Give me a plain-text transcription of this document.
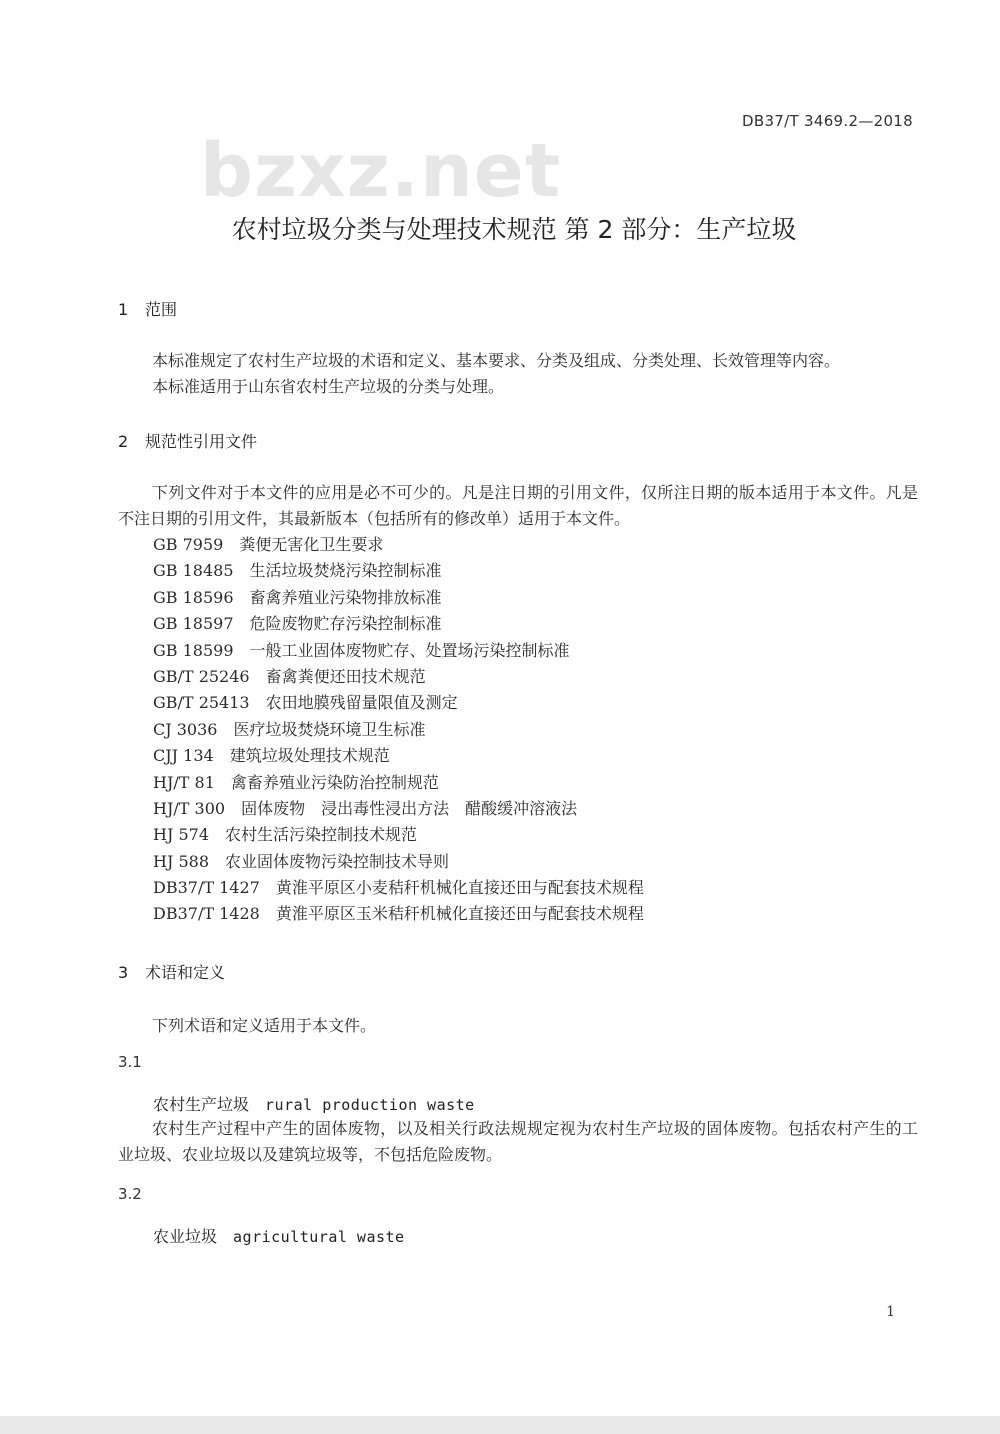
DB37/T 3469.2—2018
bzxz.net
农村垃圾分类与处理技术规范 第 2 部分：生产垃圾
1 范围
本标准规定了农村生产垃圾的术语和定义、基本要求、分类及组成、分类处理、长效管理等内容。
本标准适用于山东省农村生产垃圾的分类与处理。
2 规范性引用文件
下列文件对于本文件的应用是必不可少的。凡是注日期的引用文件，仅所注日期的版本适用于本文件。凡是不注日期的引用文件，其最新版本（包括所有的修改单）适用于本文件。
GB 7959 粪便无害化卫生要求
GB 18485 生活垃圾焚烧污染控制标准
GB 18596 畜禽养殖业污染物排放标准
GB 18597 危险废物贮存污染控制标准
GB 18599 一般工业固体废物贮存、处置场污染控制标准
GB/T 25246 畜禽粪便还田技术规范
GB/T 25413 农田地膜残留量限值及测定
CJ 3036 医疗垃圾焚烧环境卫生标准
CJJ 134 建筑垃圾处理技术规范
HJ/T 81 禽畜养殖业污染防治控制规范
HJ/T 300 固体废物　浸出毒性浸出方法　醋酸缓冲溶液法
HJ 574 农村生活污染控制技术规范
HJ 588 农业固体废物污染控制技术导则
DB37/T 1427 黄淮平原区小麦秸秆机械化直接还田与配套技术规程
DB37/T 1428 黄淮平原区玉米秸秆机械化直接还田与配套技术规程
3 术语和定义
下列术语和定义适用于本文件。
3.1
农村生产垃圾 rural production waste
农村生产过程中产生的固体废物，以及相关行政法规规定视为农村生产垃圾的固体废物。包括农村产生的工业垃圾、农业垃圾以及建筑垃圾等，不包括危险废物。
3.2
农业垃圾 agricultural waste
1
